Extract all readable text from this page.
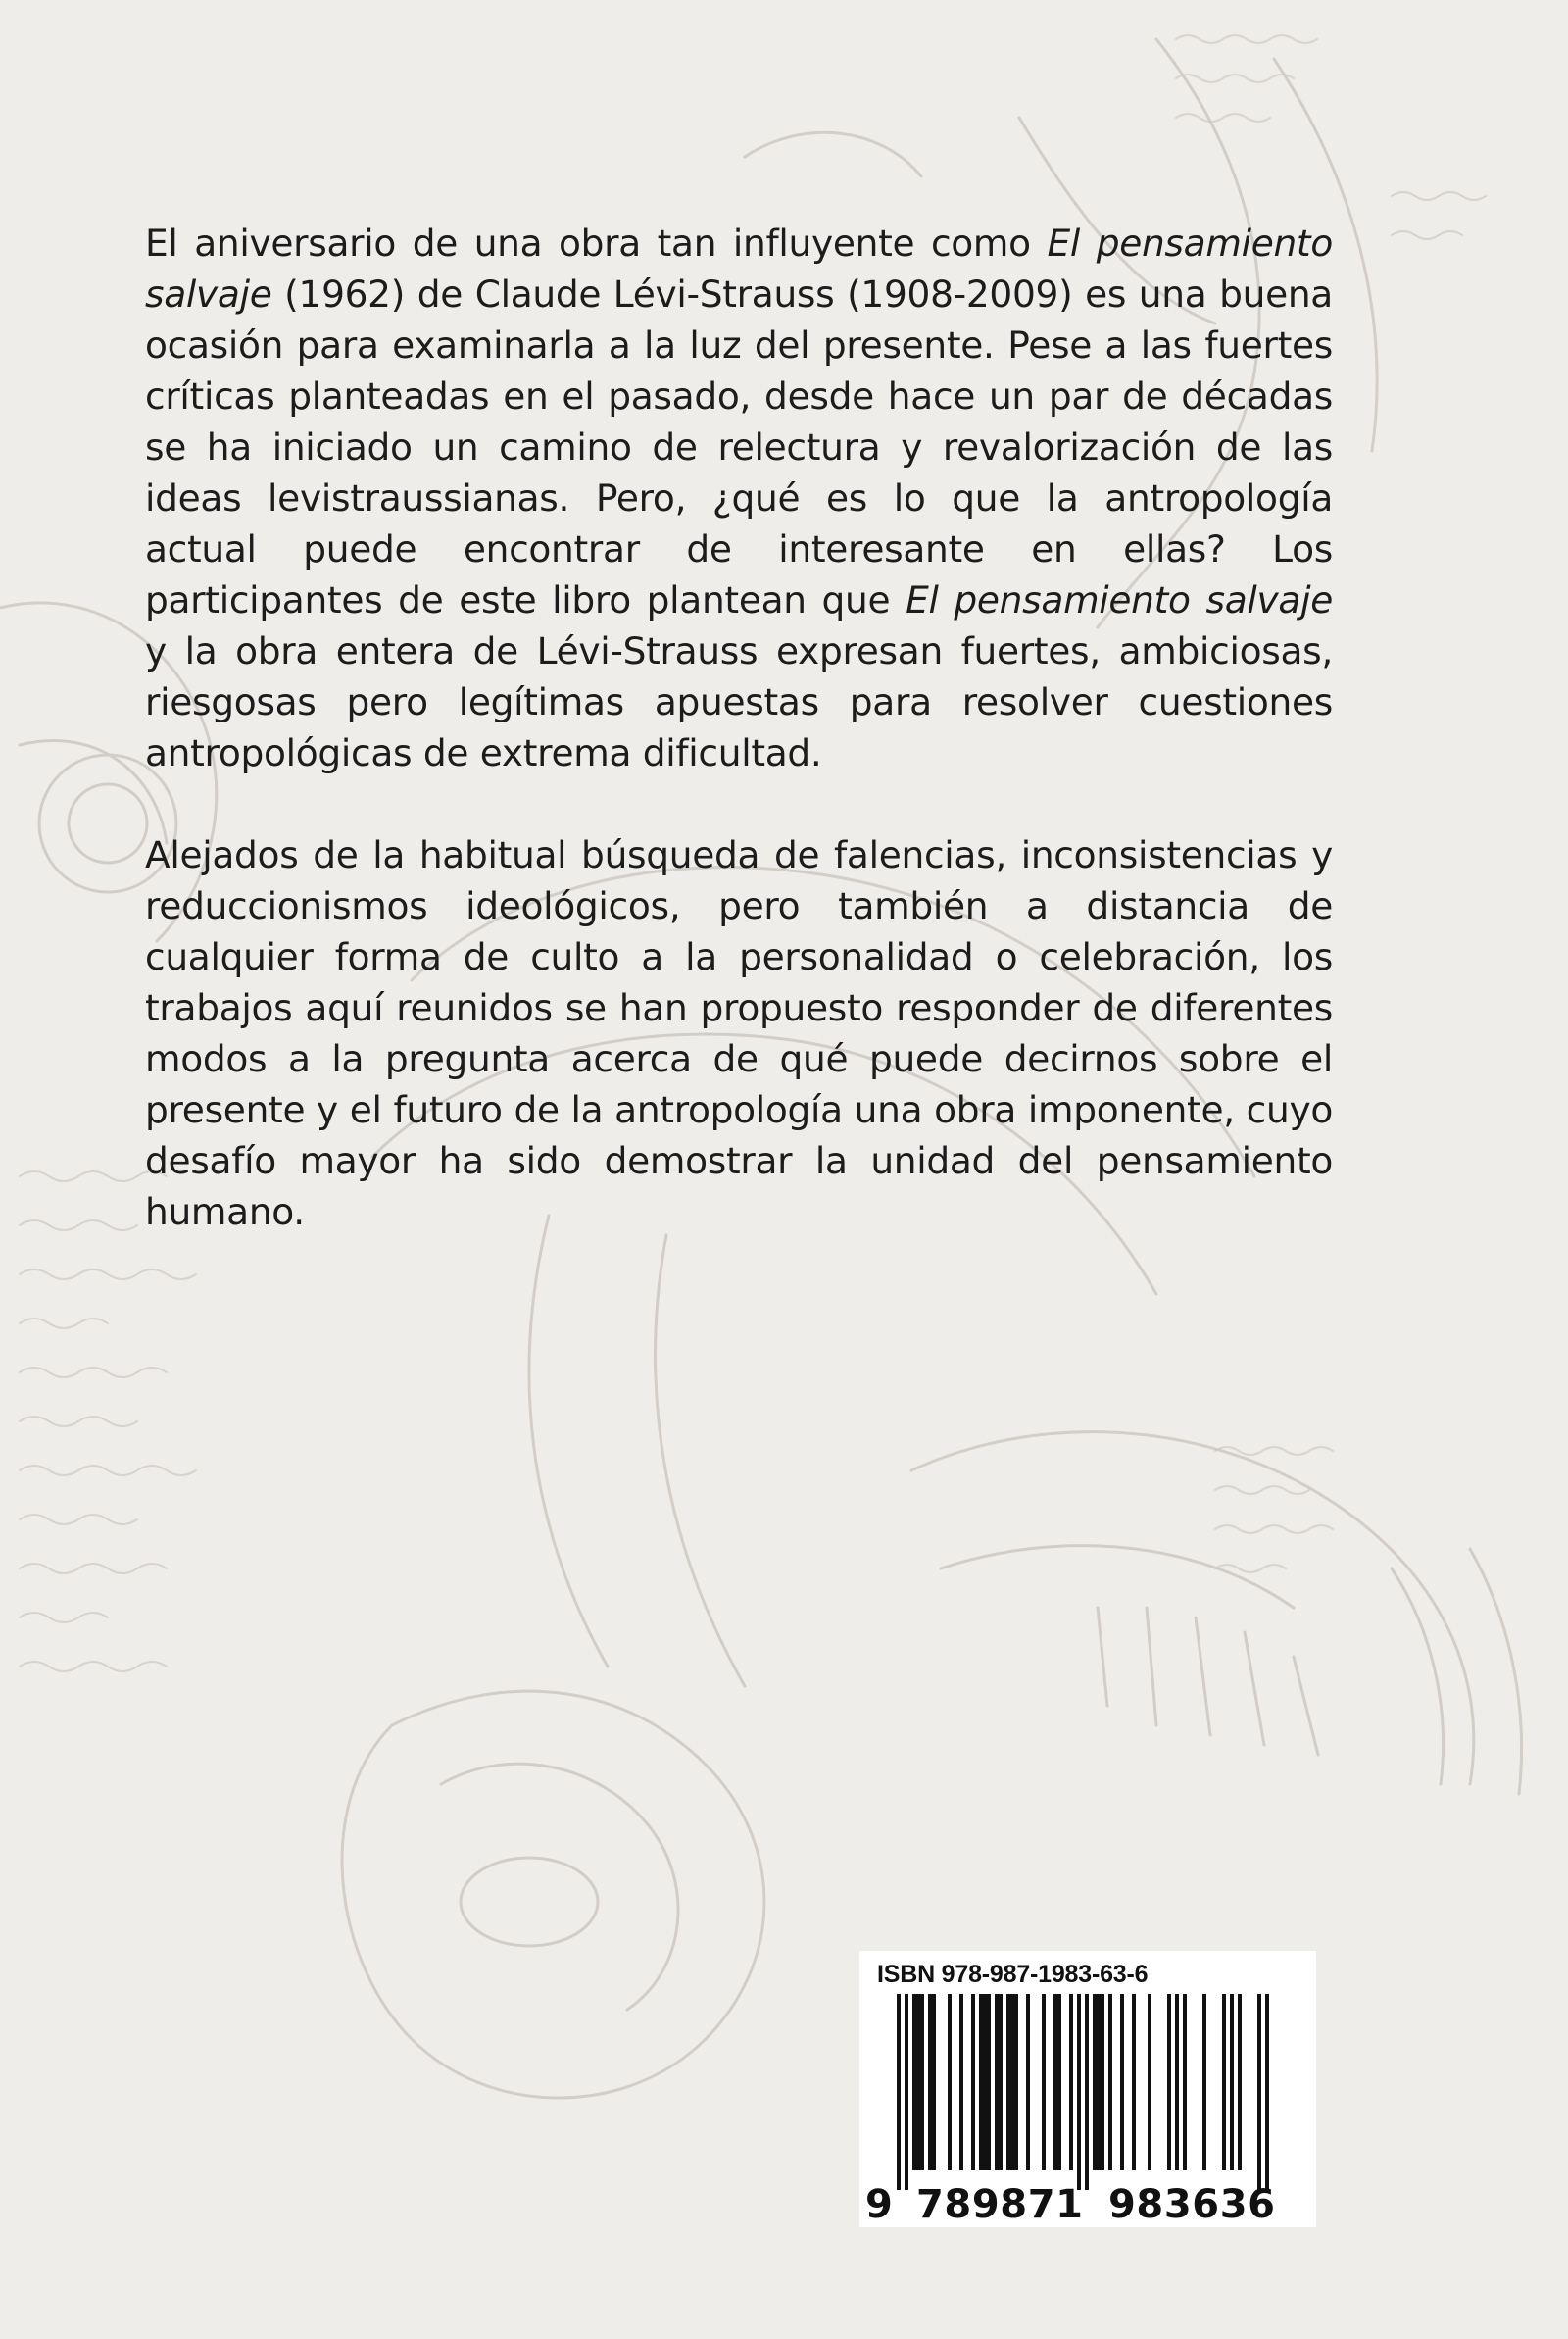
El aniversario de una obra tan influyente como El pensamiento salvaje (1962) de Claude Lévi-Strauss (1908-2009) es una buena ocasión para examinarla a la luz del presente. Pese a las fuertes críticas planteadas en el pasado, desde hace un par de décadas se ha iniciado un camino de relectura y revalorización de las ideas levistraussianas. Pero, ¿qué es lo que la antropología actual puede encontrar de interesante en ellas? Los participantes de este libro plantean que El pensamiento salvaje y la obra entera de Lévi-Strauss expresan fuertes, ambiciosas, riesgosas pero legítimas apuestas para resolver cuestiones antropológicas de extrema dificultad.

Alejados de la habitual búsqueda de falencias, inconsistencias y reduccionismos ideológicos, pero también a distancia de cualquier forma de culto a la personalidad o celebración, los trabajos aquí reunidos se han propuesto responder de diferentes modos a la pregunta acerca de qué puede decirnos sobre el presente y el futuro de la antropología una obra imponente, cuyo desafío mayor ha sido demostrar la unidad del pensamiento humano.

ISBN 978-987-1983-63-6
9 789871 983636
